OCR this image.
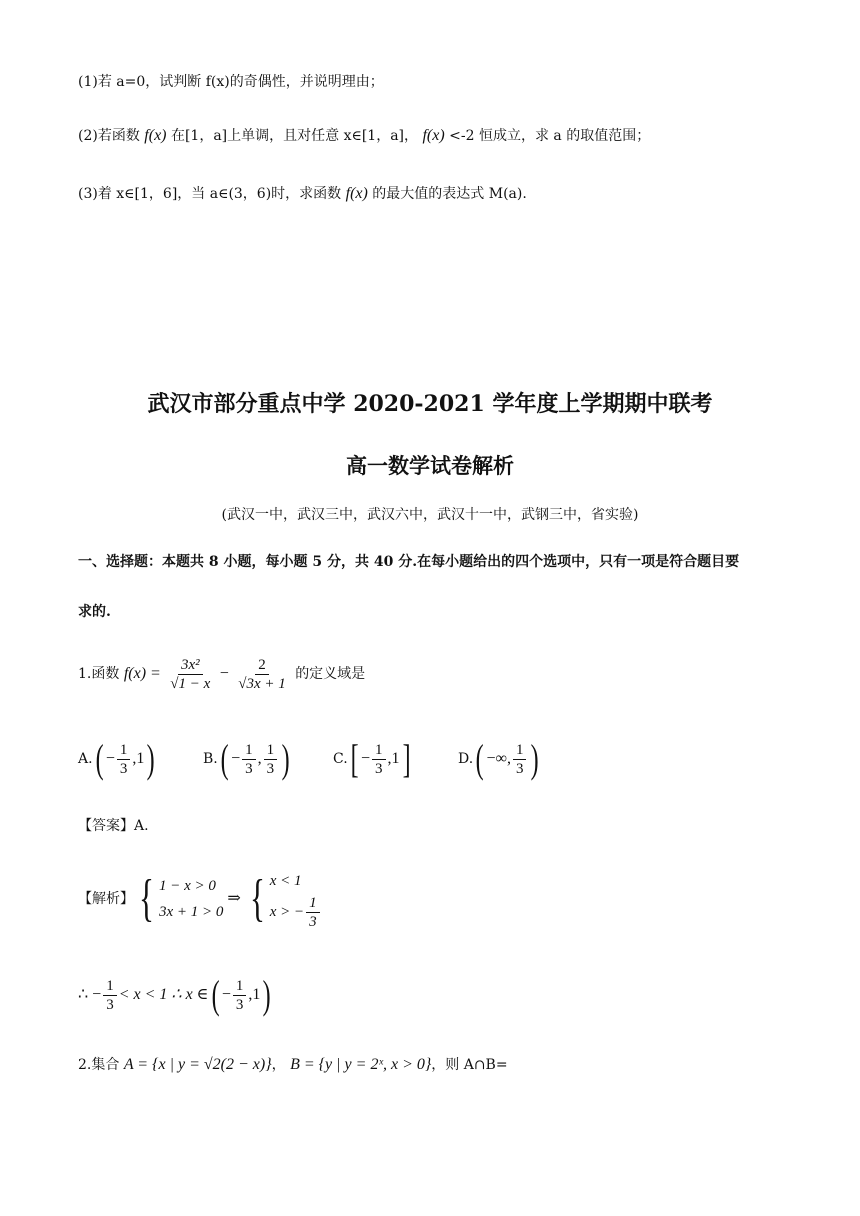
(1)若 a=0，试判断 f(x)的奇偶性，并说明理由；
(2)若函数 f(x) 在[1，a]上单调，且对任意 x∈[1，a]， f(x) <-2 恒成立，求 a 的取值范围；
(3)着 x∈[1，6]，当 a∈(3，6)时，求函数 f(x) 的最大值的表达式 M(a).
武汉市部分重点中学 2020-2021 学年度上学期期中联考
高一数学试卷解析
(武汉一中，武汉三中，武汉六中，武汉十一中，武钢三中，省实验)
一、选择题：本题共 8 小题，每小题 5 分，共 40 分.在每小题给出的四个选项中，只有一项是符合题目要
求的.
1.函数 $f(x) = \frac{\text{3x²}}{√1 - x} - \frac{2}{√3x + 1}$ 的定义域是
$A.( - \frac{1}{3} ,1)$	$B.( - \frac{1}{3}$ , $\frac{1}{3}$ )	$C.[ - \frac{1}{3} ,1]$	D.( −∞, $\frac{1}{3}$ )
【答案】A.
【解析】{ 1 − x > 0
3x + 1 > 0
⇒ { x < 1
x > − $\frac{1}{3}$
∴ − $\frac{1}{3} < x < 1$ ∴ x ∈( − $\frac{1}{3} ,1$)
2.集合 A = {x | y = √2(2 − x)}， B = {y | y = 2ˣ, x > 0}，则 A∩B=
